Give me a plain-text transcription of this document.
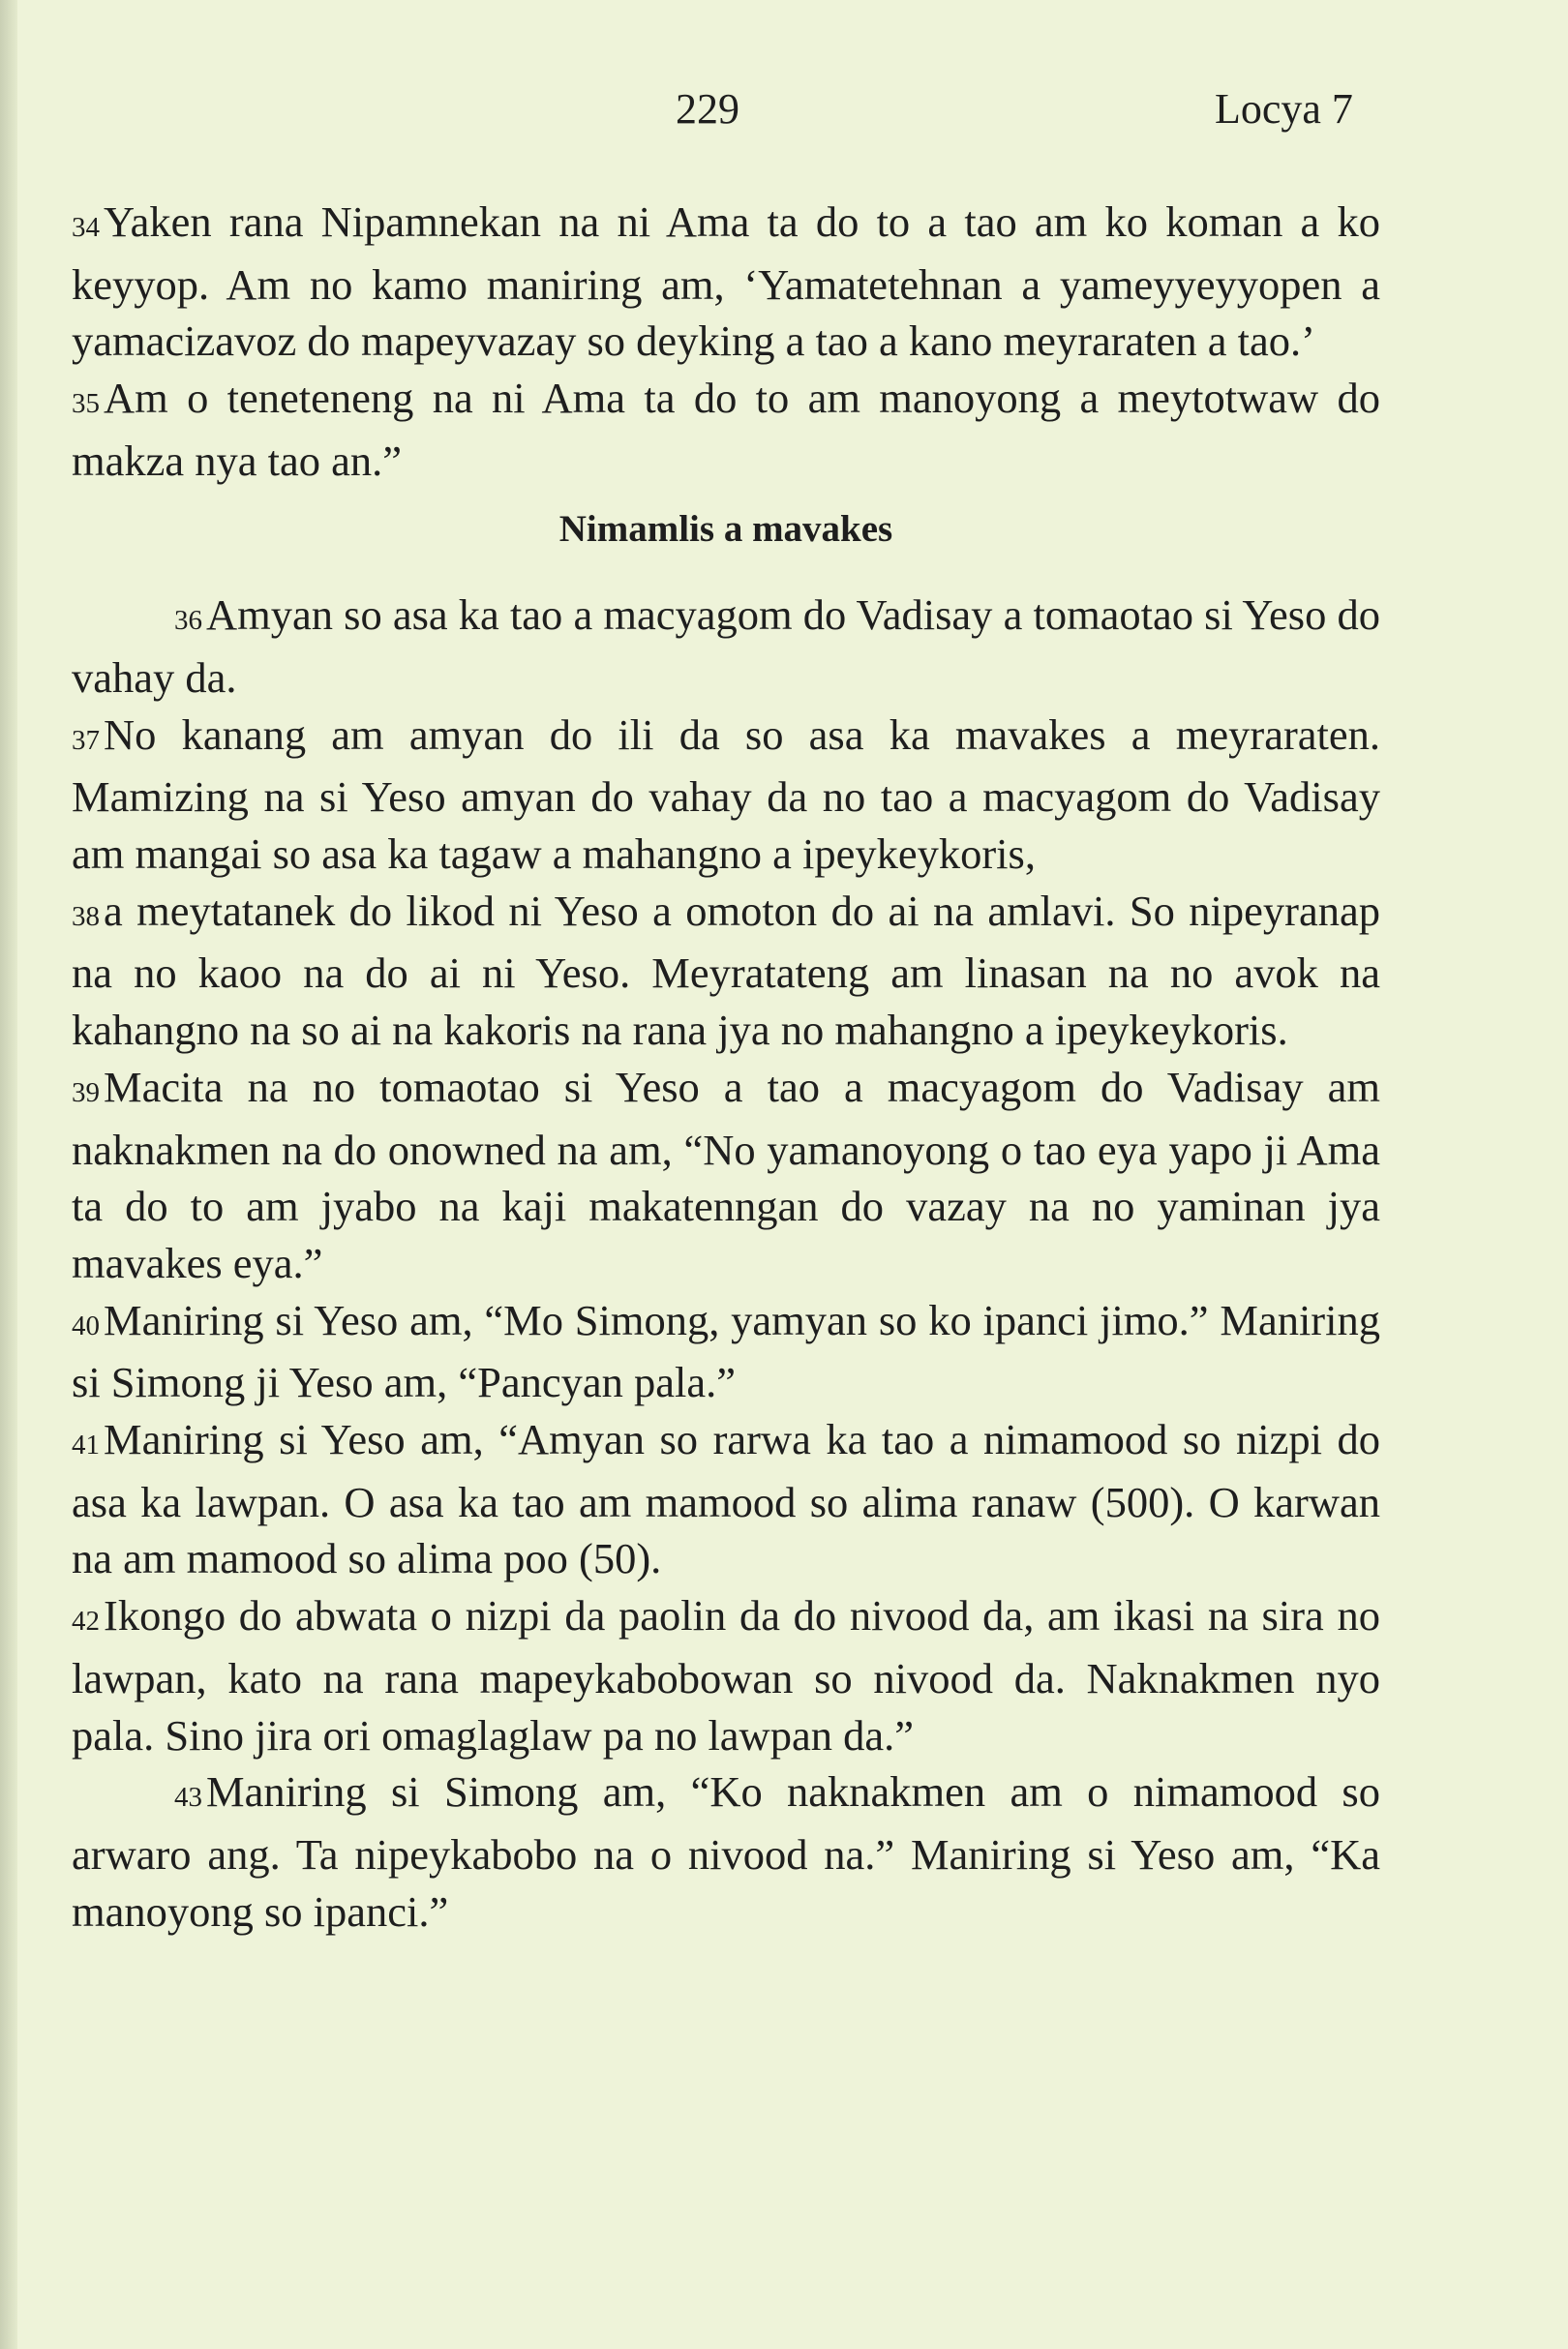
229	Locya 7

34Yaken rana Nipamnekan na ni Ama ta do to a tao am ko koman a ko keyyop. Am no kamo maniring am, ‘Yamatetehnan a yameyyeyyopen a yamacizavoz do mapeyvazay so deyking a tao a kano meyraraten a tao.’

35Am o teneteneng na ni Ama ta do to am manoyong a meytotwaw do makza nya tao an.”

Nimamlis a mavakes

36Amyan so asa ka tao a macyagom do Vadisay a tomaotao si Yeso do vahay da.

37No kanang am amyan do ili da so asa ka mavakes a meyraraten. Mamizing na si Yeso amyan do vahay da no tao a macyagom do Vadisay am mangai so asa ka tagaw a mahangno a ipeykeykoris,

38a meytatanek do likod ni Yeso a omoton do ai na amlavi. So nipeyranap na no kaoo na do ai ni Yeso. Meyratateng am linasan na no avok na kahangno na so ai na kakoris na rana jya no mahangno a ipeykeykoris.

39Macita na no tomaotao si Yeso a tao a macyagom do Vadisay am naknakmen na do onowned na am, “No yamanoyong o tao eya yapo ji Ama ta do to am jyabo na kaji makatenngan do vazay na no yaminan jya mavakes eya.”

40Maniring si Yeso am, “Mo Simong, yamyan so ko ipanci jimo.” Maniring si Simong ji Yeso am, “Pancyan pala.”

41Maniring si Yeso am, “Amyan so rarwa ka tao a nimamood so nizpi do asa ka lawpan. O asa ka tao am mamood so alima ranaw (500). O karwan na am mamood so alima poo (50).

42Ikongo do abwata o nizpi da paolin da do nivood da, am ikasi na sira no lawpan, kato na rana mapeykabobowan so nivood da. Naknakmen nyo pala. Sino jira ori omaglaglaw pa no lawpan da.”

43Maniring si Simong am, “Ko naknakmen am o nimamood so arwaro ang. Ta nipeykabobo na o nivood na.” Maniring si Yeso am, “Ka manoyong so ipanci.”
